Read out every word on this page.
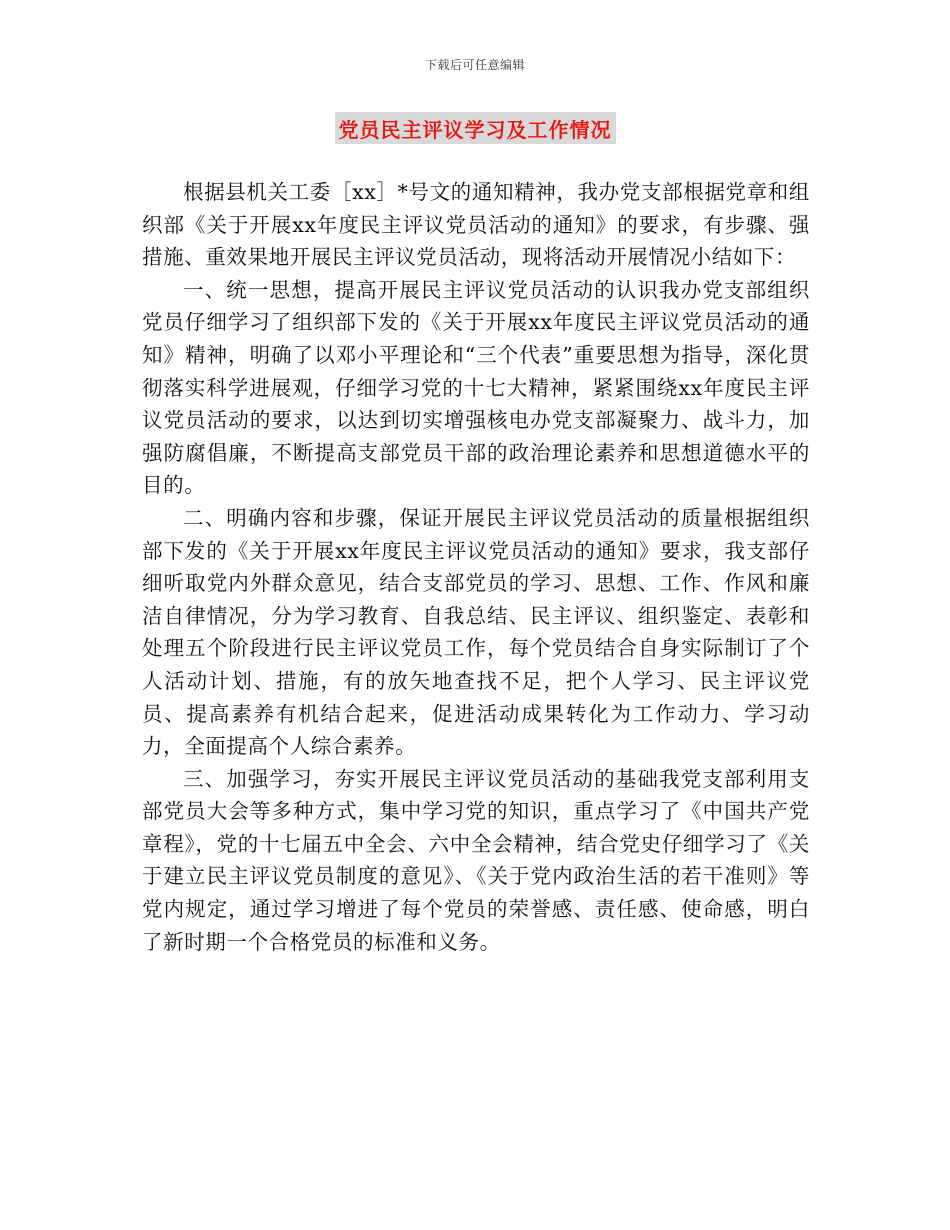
下载后可任意编辑
党员民主评议学习及工作情况

根据县机关工委［xx］*号文的通知精神，我办党支部根据党章和组织部《关于开展xx年度民主评议党员活动的通知》的要求，有步骤、强措施、重效果地开展民主评议党员活动，现将活动开展情况小结如下：

一、统一思想，提高开展民主评议党员活动的认识我办党支部组织党员仔细学习了组织部下发的《关于开展xx年度民主评议党员活动的通知》精神，明确了以邓小平理论和“三个代表”重要思想为指导，深化贯彻落实科学进展观，仔细学习党的十七大精神，紧紧围绕xx年度民主评议党员活动的要求，以达到切实增强核电办党支部凝聚力、战斗力，加强防腐倡廉，不断提高支部党员干部的政治理论素养和思想道德水平的目的。

二、明确内容和步骤，保证开展民主评议党员活动的质量根据组织部下发的《关于开展xx年度民主评议党员活动的通知》要求，我支部仔细听取党内外群众意见，结合支部党员的学习、思想、工作、作风和廉洁自律情况，分为学习教育、自我总结、民主评议、组织鉴定、表彰和处理五个阶段进行民主评议党员工作，每个党员结合自身实际制订了个人活动计划、措施，有的放矢地查找不足，把个人学习、民主评议党员、提高素养有机结合起来，促进活动成果转化为工作动力、学习动力，全面提高个人综合素养。

三、加强学习，夯实开展民主评议党员活动的基础我党支部利用支部党员大会等多种方式，集中学习党的知识，重点学习了《中国共产党章程》，党的十七届五中全会、六中全会精神，结合党史仔细学习了《关于建立民主评议党员制度的意见》、《关于党内政治生活的若干准则》等党内规定，通过学习增进了每个党员的荣誉感、责任感、使命感，明白了新时期一个合格党员的标准和义务。
